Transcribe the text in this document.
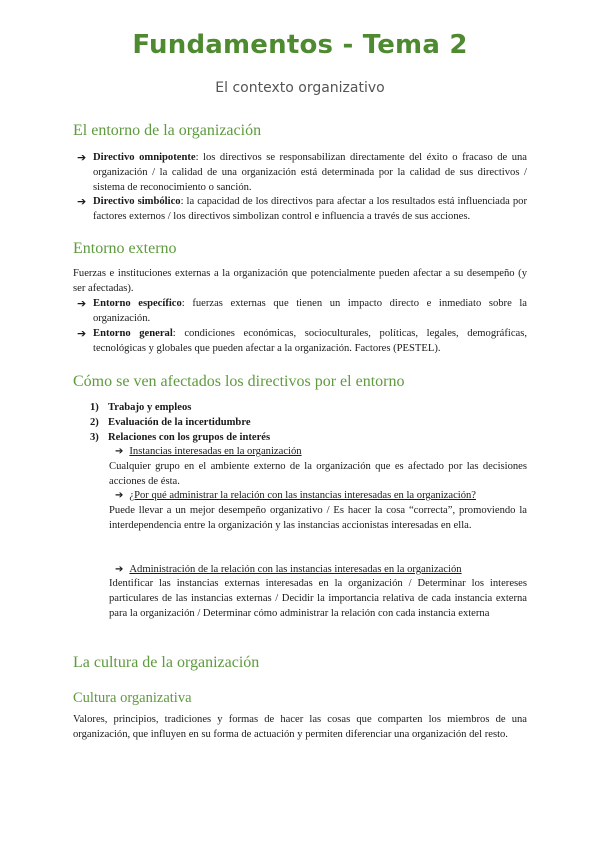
Fundamentos - Tema 2
El contexto organizativo
El entorno de la organización
➔ Directivo omnipotente: los directivos se responsabilizan directamente del éxito o fracaso de una organización / la calidad de una organización está determinada por la calidad de sus directivos / sistema de reconocimiento o sanción.
➔ Directivo simbólico: la capacidad de los directivos para afectar a los resultados está influenciada por factores externos / los directivos simbolizan control e influencia a través de sus acciones.
Entorno externo
Fuerzas e instituciones externas a la organización que potencialmente pueden afectar a su desempeño (y ser afectadas).
➔ Entorno específico: fuerzas externas que tienen un impacto directo e inmediato sobre la organización.
➔ Entorno general: condiciones económicas, socioculturales, políticas, legales, demográficas, tecnológicas y globales que pueden afectar a la organización. Factores (PESTEL).
Cómo se ven afectados los directivos por el entorno
1) Trabajo y empleos
2) Evaluación de la incertidumbre
3) Relaciones con los grupos de interés
➔ Instancias interesadas en la organización
Cualquier grupo en el ambiente externo de la organización que es afectado por las decisiones acciones de ésta.
➔ ¿Por qué administrar la relación con las instancias interesadas en la organización?
Puede llevar a un mejor desempeño organizativo / Es hacer la cosa “correcta”, promoviendo la interdependencia entre la organización y las instancias accionistas interesadas en ella.
➔ Administración de la relación con las instancias interesadas en la organización
Identificar las instancias externas interesadas en la organización / Determinar los intereses particulares de las instancias externas / Decidir la importancia relativa de cada instancia externa para la organización / Determinar cómo administrar la relación con cada instancia externa
La cultura de la organización
Cultura organizativa
Valores, principios, tradiciones y formas de hacer las cosas que comparten los miembros de una organización, que influyen en su forma de actuación y permiten diferenciar una organización del resto.
